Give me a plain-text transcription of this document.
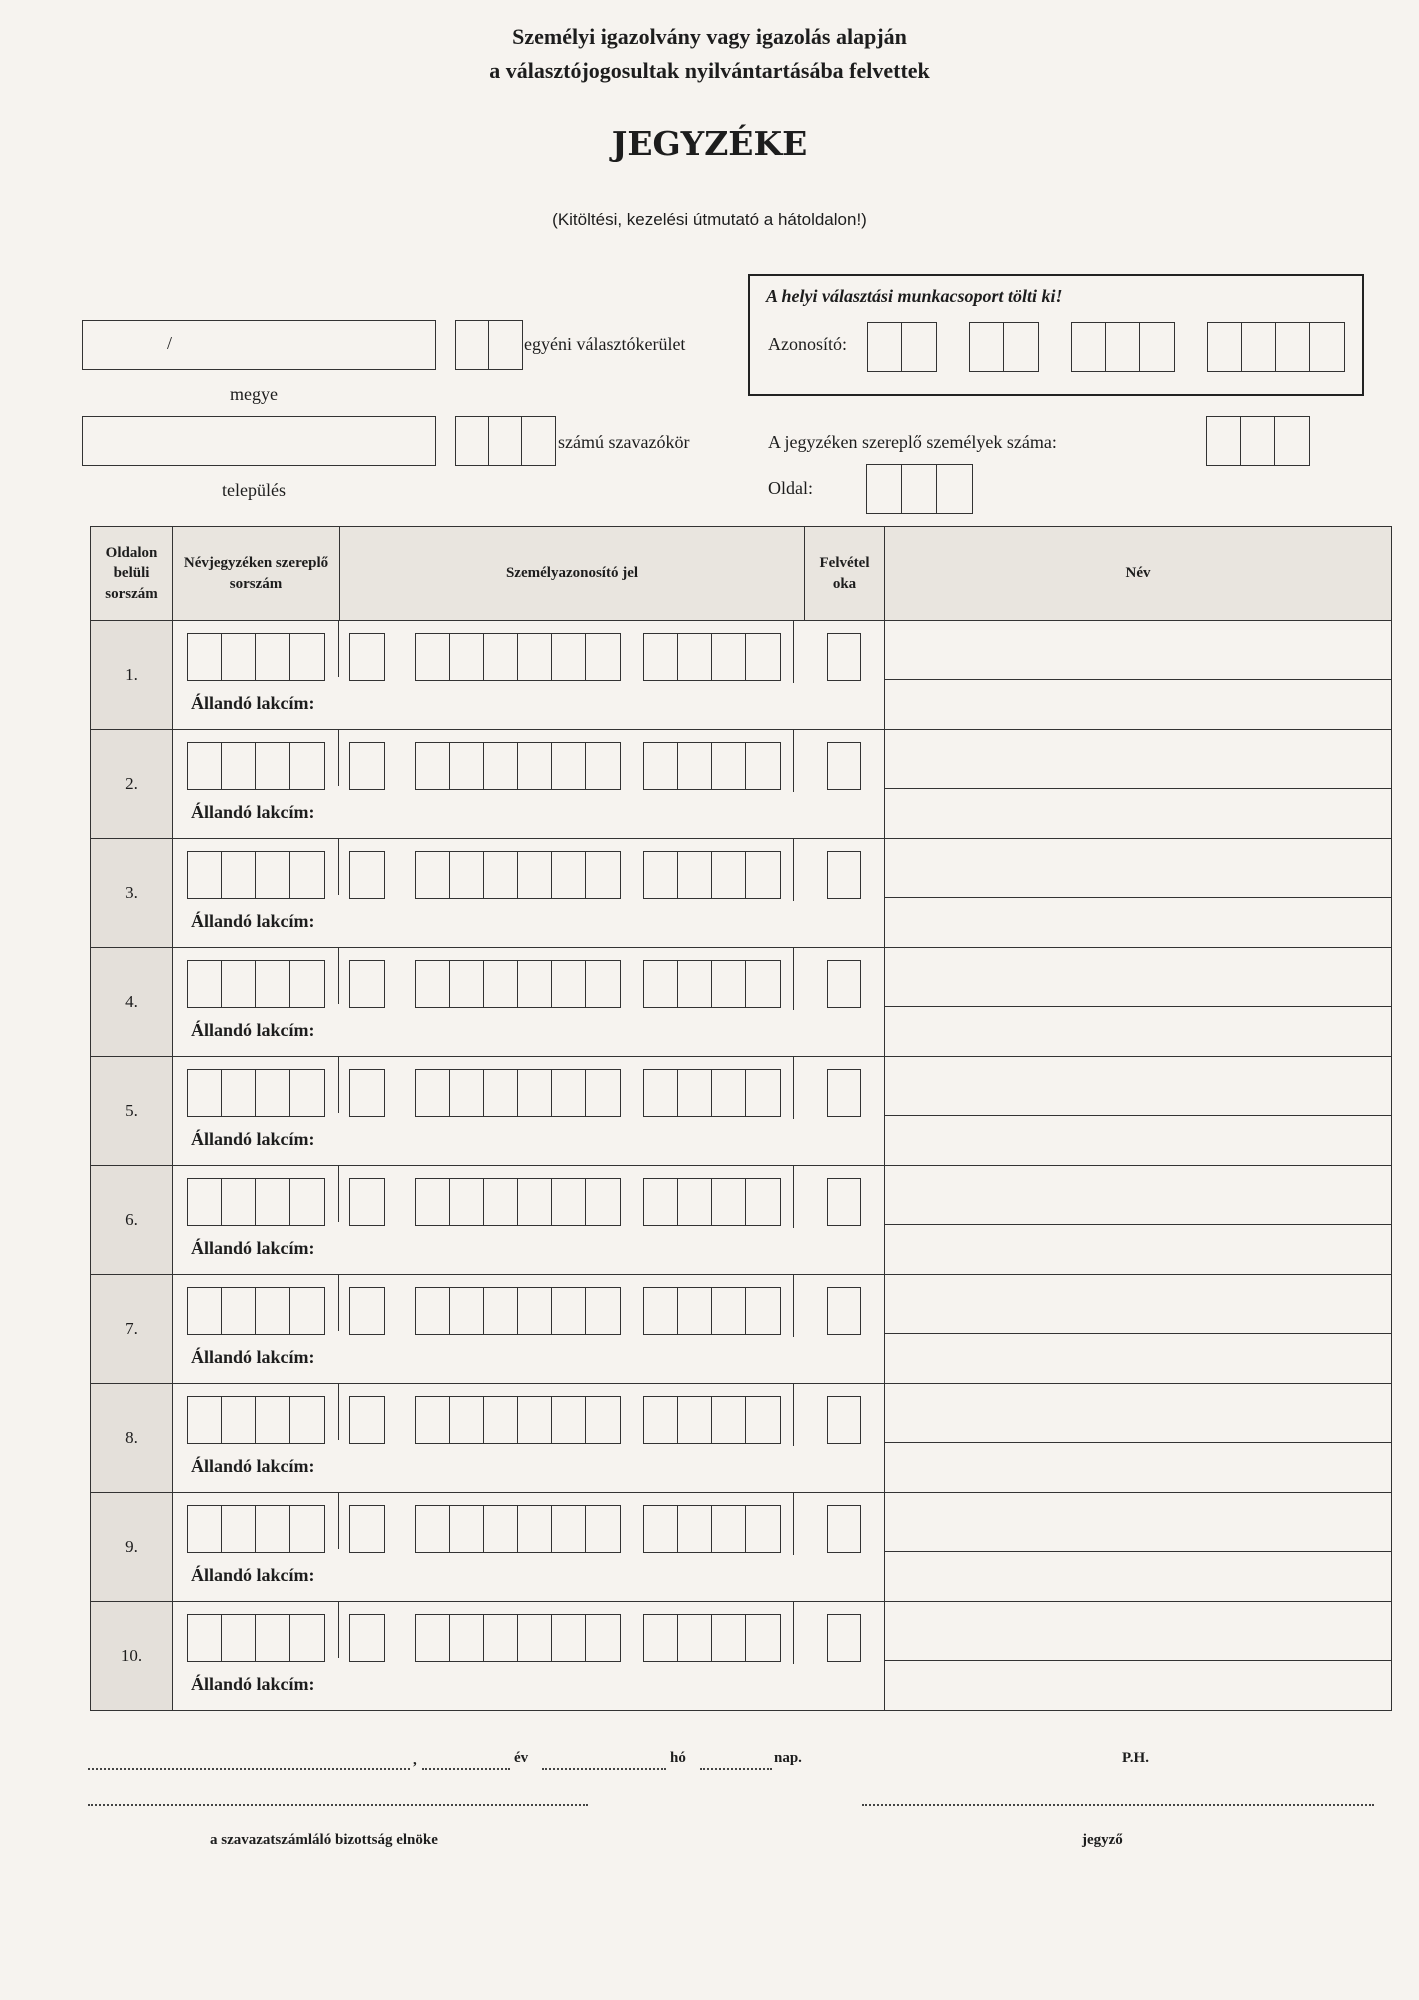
Személyi igazolvány vagy igazolás alapján
a választójogosultak nyilvántartásába felvettek
JEGYZÉKE
(Kitöltési, kezelési útmutató a hátoldalon!)
/	egyéni választókerület
megye
számú szavazókör
település
A helyi választási munkacsoport tölti ki!
Azonosító:
A jegyzéken szereplő személyek száma:
Oldal:
Oldalon belüli sorszám	Névjegyzéken szereplő sorszám	Személyazonosító jel	Felvétel oka	Név
1.	Állandó lakcím:			

2.	Állandó lakcím:			

3.	Állandó lakcím:			

4.	Állandó lakcím:			

5.	Állandó lakcím:			

6.	Állandó lakcím:			

7.	Állandó lakcím:			

8.	Állandó lakcím:			

9.	Állandó lakcím:			

10.	Állandó lakcím:			

,	év	hó	nap.	P.H.
a szavazatszámláló bizottság elnöke	jegyző
